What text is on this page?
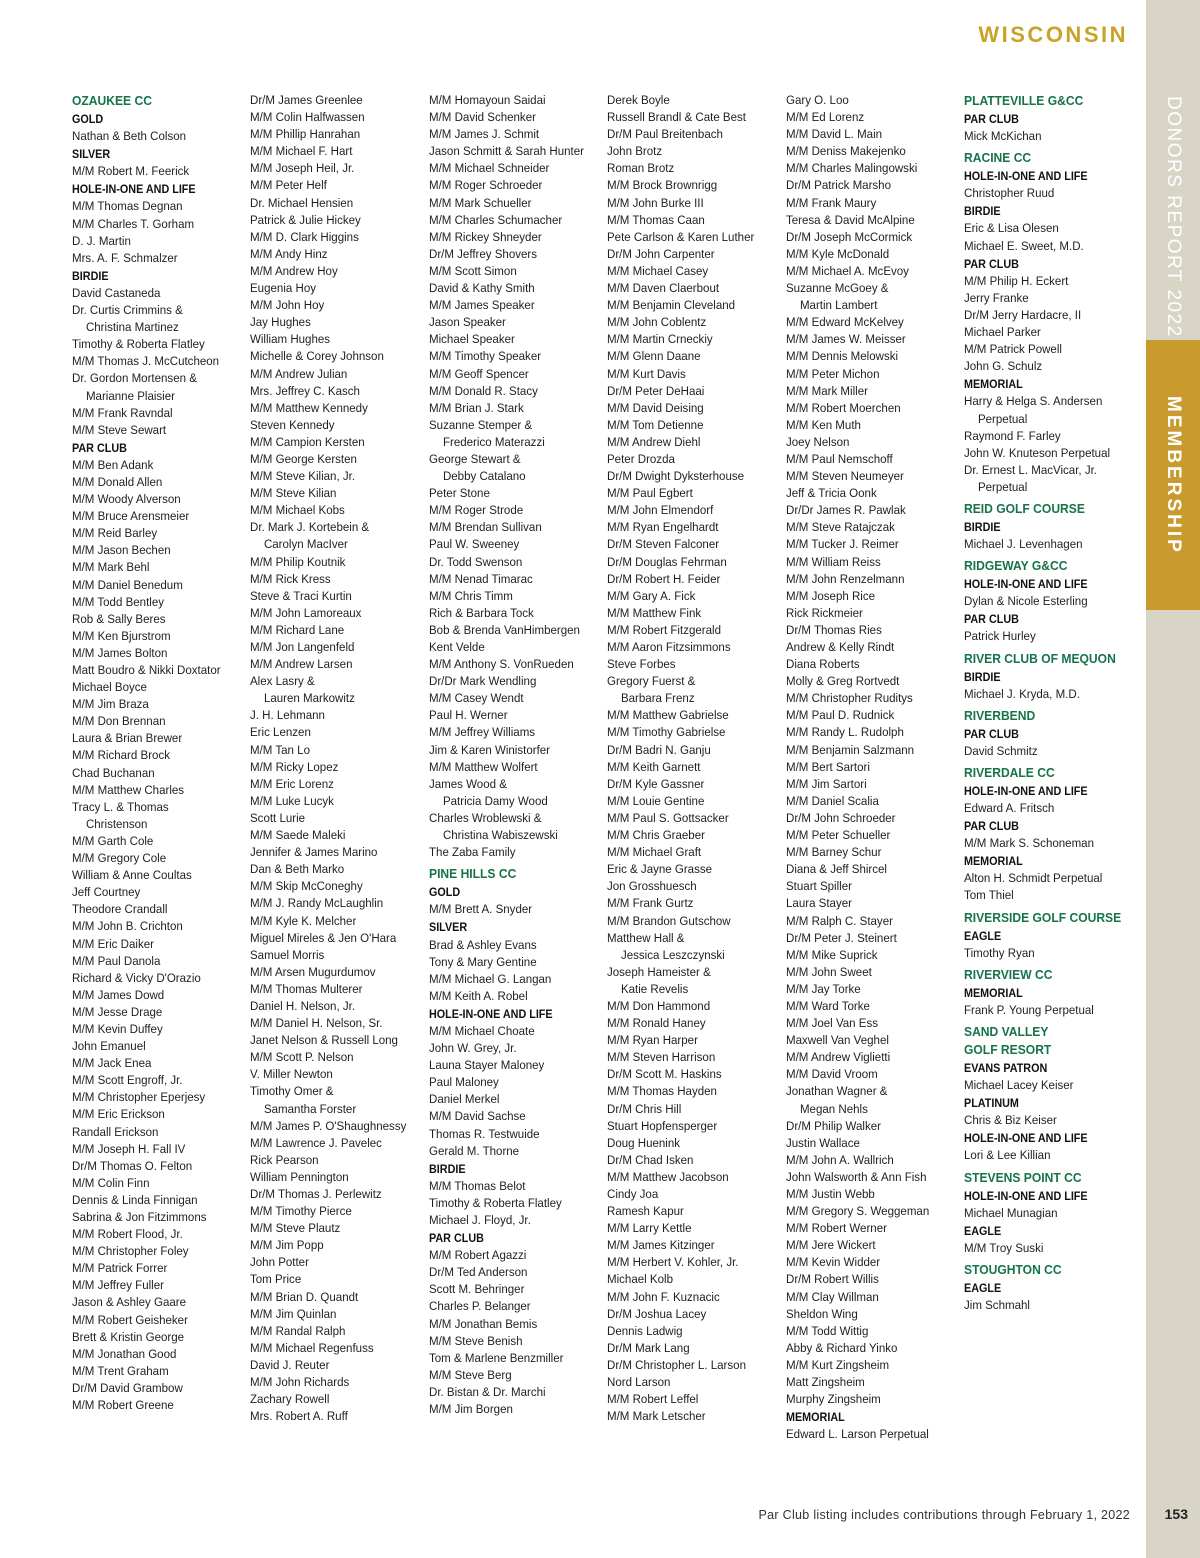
WISCONSIN
DONORS REPORT 2022
MEMBERSHIP
OZAUKEE CC
GOLD
Nathan & Beth Colson
SILVER
M/M Robert M. Feerick
HOLE-IN-ONE AND LIFE
M/M Thomas Degnan
M/M Charles T. Gorham
D. J. Martin
Mrs. A. F. Schmalzer
BIRDIE
David Castaneda
Dr. Curtis Crimmins &
Christina Martinez
Timothy & Roberta Flatley
M/M Thomas J. McCutcheon
Dr. Gordon Mortensen &
Marianne Plaisier
M/M Frank Ravndal
M/M Steve Sewart
PAR CLUB
M/M Ben Adank
M/M Donald Allen
M/M Woody Alverson
M/M Bruce Arensmeier
M/M Reid Barley
M/M Jason Bechen
M/M Mark Behl
M/M Daniel Benedum
M/M Todd Bentley
Rob & Sally Beres
M/M Ken Bjurstrom
M/M James Bolton
Matt Boudro & Nikki Doxtator
Michael Boyce
M/M Jim Braza
M/M Don Brennan
Laura & Brian Brewer
M/M Richard Brock
Chad Buchanan
M/M Matthew Charles
Tracy L. & Thomas
Christenson
M/M Garth Cole
M/M Gregory Cole
William & Anne Coultas
Jeff Courtney
Theodore Crandall
M/M John B. Crichton
M/M Eric Daiker
M/M Paul Danola
Richard & Vicky D'Orazio
M/M James Dowd
M/M Jesse Drage
M/M Kevin Duffey
John Emanuel
M/M Jack Enea
M/M Scott Engroff, Jr.
M/M Christopher Eperjesy
M/M Eric Erickson
Randall Erickson
M/M Joseph H. Fall IV
Dr/M Thomas O. Felton
M/M Colin Finn
Dennis & Linda Finnigan
Sabrina & Jon Fitzimmons
M/M Robert Flood, Jr.
M/M Christopher Foley
M/M Patrick Forrer
M/M Jeffrey Fuller
Jason & Ashley Gaare
M/M Robert Geisheker
Brett & Kristin George
M/M Jonathan Good
M/M Trent Graham
Dr/M David Grambow
M/M Robert Greene
Dr/M James Greenlee
M/M Colin Halfwassen
M/M Phillip Hanrahan
M/M Michael F. Hart
M/M Joseph Heil, Jr.
M/M Peter Helf
Dr. Michael Hensien
Patrick & Julie Hickey
M/M D. Clark Higgins
M/M Andy Hinz
M/M Andrew Hoy
Eugenia Hoy
M/M John Hoy
Jay Hughes
William Hughes
Michelle & Corey Johnson
M/M Andrew Julian
Mrs. Jeffrey C. Kasch
M/M Matthew Kennedy
Steven Kennedy
M/M Campion Kersten
M/M George Kersten
M/M Steve Kilian, Jr.
M/M Steve Kilian
M/M Michael Kobs
Dr. Mark J. Kortebein &
Carolyn MacIver
M/M Philip Koutnik
M/M Rick Kress
Steve & Traci Kurtin
M/M John Lamoreaux
M/M Richard Lane
M/M Jon Langenfeld
M/M Andrew Larsen
Alex Lasry &
Lauren Markowitz
J. H. Lehmann
Eric Lenzen
M/M Tan Lo
M/M Ricky Lopez
M/M Eric Lorenz
M/M Luke Lucyk
Scott Lurie
M/M Saede Maleki
Jennifer & James Marino
Dan & Beth Marko
M/M Skip McConeghy
M/M J. Randy McLaughlin
M/M Kyle K. Melcher
Miguel Mireles & Jen O'Hara
Samuel Morris
M/M Arsen Mugurdumov
M/M Thomas Multerer
Daniel H. Nelson, Jr.
M/M Daniel H. Nelson, Sr.
Janet Nelson & Russell Long
M/M Scott P. Nelson
V. Miller Newton
Timothy Omer &
Samantha Forster
M/M James P. O'Shaughnessy
M/M Lawrence J. Pavelec
Rick Pearson
William Pennington
Dr/M Thomas J. Perlewitz
M/M Timothy Pierce
M/M Steve Plautz
M/M Jim Popp
John Potter
Tom Price
M/M Brian D. Quandt
M/M Jim Quinlan
M/M Randal Ralph
M/M Michael Regenfuss
David J. Reuter
M/M John Richards
Zachary Rowell
Mrs. Robert A. Ruff
M/M Homayoun Saidai
M/M David Schenker
M/M James J. Schmit
Jason Schmitt & Sarah Hunter
M/M Michael Schneider
M/M Roger Schroeder
M/M Mark Schueller
M/M Charles Schumacher
M/M Rickey Shneyder
Dr/M Jeffrey Shovers
M/M Scott Simon
David & Kathy Smith
M/M James Speaker
Jason Speaker
Michael Speaker
M/M Timothy Speaker
M/M Geoff Spencer
M/M Donald R. Stacy
M/M Brian J. Stark
Suzanne Stemper &
Frederico Materazzi
George Stewart &
Debby Catalano
Peter Stone
M/M Roger Strode
M/M Brendan Sullivan
Paul W. Sweeney
Dr. Todd Swenson
M/M Nenad Timarac
M/M Chris Timm
Rich & Barbara Tock
Bob & Brenda VanHimbergen
Kent Velde
M/M Anthony S. VonRueden
Dr/Dr Mark Wendling
M/M Casey Wendt
Paul H. Werner
M/M Jeffrey Williams
Jim & Karen Winistorfer
M/M Matthew Wolfert
James Wood &
Patricia Damy Wood
Charles Wroblewski &
Christina Wabiszewski
The Zaba Family
PINE HILLS CC
GOLD
M/M Brett A. Snyder
SILVER
Brad & Ashley Evans
Tony & Mary Gentine
M/M Michael G. Langan
M/M Keith A. Robel
HOLE-IN-ONE AND LIFE
M/M Michael Choate
John W. Grey, Jr.
Launa Stayer Maloney
Paul Maloney
Daniel Merkel
M/M David Sachse
Thomas R. Testwuide
Gerald M. Thorne
BIRDIE
M/M Thomas Belot
Timothy & Roberta Flatley
Michael J. Floyd, Jr.
PAR CLUB
M/M Robert Agazzi
Dr/M Ted Anderson
Scott M. Behringer
Charles P. Belanger
M/M Jonathan Bemis
M/M Steve Benish
Tom & Marlene Benzmiller
M/M Steve Berg
Dr. Bistan & Dr. Marchi
M/M Jim Borgen
Derek Boyle
Russell Brandl & Cate Best
Dr/M Paul Breitenbach
John Brotz
Roman Brotz
M/M Brock Brownrigg
M/M John Burke III
M/M Thomas Caan
Pete Carlson & Karen Luther
Dr/M John Carpenter
M/M Michael Casey
M/M Daven Claerbout
M/M Benjamin Cleveland
M/M John Coblentz
M/M Martin Crneckiy
M/M Glenn Daane
M/M Kurt Davis
Dr/M Peter DeHaai
M/M David Deising
M/M Tom Detienne
M/M Andrew Diehl
Peter Drozda
Dr/M Dwight Dyksterhouse
M/M Paul Egbert
M/M John Elmendorf
M/M Ryan Engelhardt
Dr/M Steven Falconer
Dr/M Douglas Fehrman
Dr/M Robert H. Feider
M/M Gary A. Fick
M/M Matthew Fink
M/M Robert Fitzgerald
M/M Aaron Fitzsimmons
Steve Forbes
Gregory Fuerst &
Barbara Frenz
M/M Matthew Gabrielse
M/M Timothy Gabrielse
Dr/M Badri N. Ganju
M/M Keith Garnett
Dr/M Kyle Gassner
M/M Louie Gentine
M/M Paul S. Gottsacker
M/M Chris Graeber
M/M Michael Graft
Eric & Jayne Grasse
Jon Grosshuesch
M/M Frank Gurtz
M/M Brandon Gutschow
Matthew Hall &
Jessica Leszczynski
Joseph Hameister &
Katie Revelis
M/M Don Hammond
M/M Ronald Haney
M/M Ryan Harper
M/M Steven Harrison
Dr/M Scott M. Haskins
M/M Thomas Hayden
Dr/M Chris Hill
Stuart Hopfensperger
Doug Huenink
Dr/M Chad Isken
M/M Matthew Jacobson
Cindy Joa
Ramesh Kapur
M/M Larry Kettle
M/M James Kitzinger
M/M Herbert V. Kohler, Jr.
Michael Kolb
M/M John F. Kuznacic
Dr/M Joshua Lacey
Dennis Ladwig
Dr/M Mark Lang
Dr/M Christopher L. Larson
Nord Larson
M/M Robert Leffel
M/M Mark Letscher
Gary O. Loo
M/M Ed Lorenz
M/M David L. Main
M/M Deniss Makejenko
M/M Charles Malingowski
Dr/M Patrick Marsho
M/M Frank Maury
Teresa & David McAlpine
Dr/M Joseph McCormick
M/M Kyle McDonald
M/M Michael A. McEvoy
Suzanne McGoey &
Martin Lambert
M/M Edward McKelvey
M/M James W. Meisser
M/M Dennis Melowski
M/M Peter Michon
M/M Mark Miller
M/M Robert Moerchen
M/M Ken Muth
Joey Nelson
M/M Paul Nemschoff
M/M Steven Neumeyer
Jeff & Tricia Oonk
Dr/Dr James R. Pawlak
M/M Steve Ratajczak
M/M Tucker J. Reimer
M/M William Reiss
M/M John Renzelmann
M/M Joseph Rice
Rick Rickmeier
Dr/M Thomas Ries
Andrew & Kelly Rindt
Diana Roberts
Molly & Greg Rortvedt
M/M Christopher Ruditys
M/M Paul D. Rudnick
M/M Randy L. Rudolph
M/M Benjamin Salzmann
M/M Bert Sartori
M/M Jim Sartori
M/M Daniel Scalia
Dr/M John Schroeder
M/M Peter Schueller
M/M Barney Schur
Diana & Jeff Shircel
Stuart Spiller
Laura Stayer
M/M Ralph C. Stayer
Dr/M Peter J. Steinert
M/M Mike Suprick
M/M John Sweet
M/M Jay Torke
M/M Ward Torke
M/M Joel Van Ess
Maxwell Van Veghel
M/M Andrew Viglietti
M/M David Vroom
Jonathan Wagner &
Megan Nehls
Dr/M Philip Walker
Justin Wallace
M/M John A. Wallrich
John Walsworth & Ann Fish
M/M Justin Webb
M/M Gregory S. Weggeman
M/M Robert Werner
M/M Jere Wickert
M/M Kevin Widder
Dr/M Robert Willis
M/M Clay Willman
Sheldon Wing
M/M Todd Wittig
Abby & Richard Yinko
M/M Kurt Zingsheim
Matt Zingsheim
Murphy Zingsheim
MEMORIAL
Edward L. Larson Perpetual
PLATTEVILLE G&CC
PAR CLUB
Mick McKichan
RACINE CC
HOLE-IN-ONE AND LIFE
Christopher Ruud
BIRDIE
Eric & Lisa Olesen
Michael E. Sweet, M.D.
PAR CLUB
M/M Philip H. Eckert
Jerry Franke
Dr/M Jerry Hardacre, II
Michael Parker
M/M Patrick Powell
John G. Schulz
MEMORIAL
Harry & Helga S. Andersen
Perpetual
Raymond F. Farley
John W. Knuteson Perpetual
Dr. Ernest L. MacVicar, Jr.
Perpetual
REID GOLF COURSE
BIRDIE
Michael J. Levenhagen
RIDGEWAY G&CC
HOLE-IN-ONE AND LIFE
Dylan & Nicole Esterling
PAR CLUB
Patrick Hurley
RIVER CLUB OF MEQUON
BIRDIE
Michael J. Kryda, M.D.
RIVERBEND
PAR CLUB
David Schmitz
RIVERDALE CC
HOLE-IN-ONE AND LIFE
Edward A. Fritsch
PAR CLUB
M/M Mark S. Schoneman
MEMORIAL
Alton H. Schmidt Perpetual
Tom Thiel
RIVERSIDE GOLF COURSE
EAGLE
Timothy Ryan
RIVERVIEW CC
MEMORIAL
Frank P. Young Perpetual
SAND VALLEY
GOLF RESORT
EVANS PATRON
Michael Lacey Keiser
PLATINUM
Chris & Biz Keiser
HOLE-IN-ONE AND LIFE
Lori & Lee Killian
STEVENS POINT CC
HOLE-IN-ONE AND LIFE
Michael Munagian
EAGLE
M/M Troy Suski
STOUGHTON CC
EAGLE
Jim Schmahl
Par Club listing includes contributions through February 1, 2022 153
